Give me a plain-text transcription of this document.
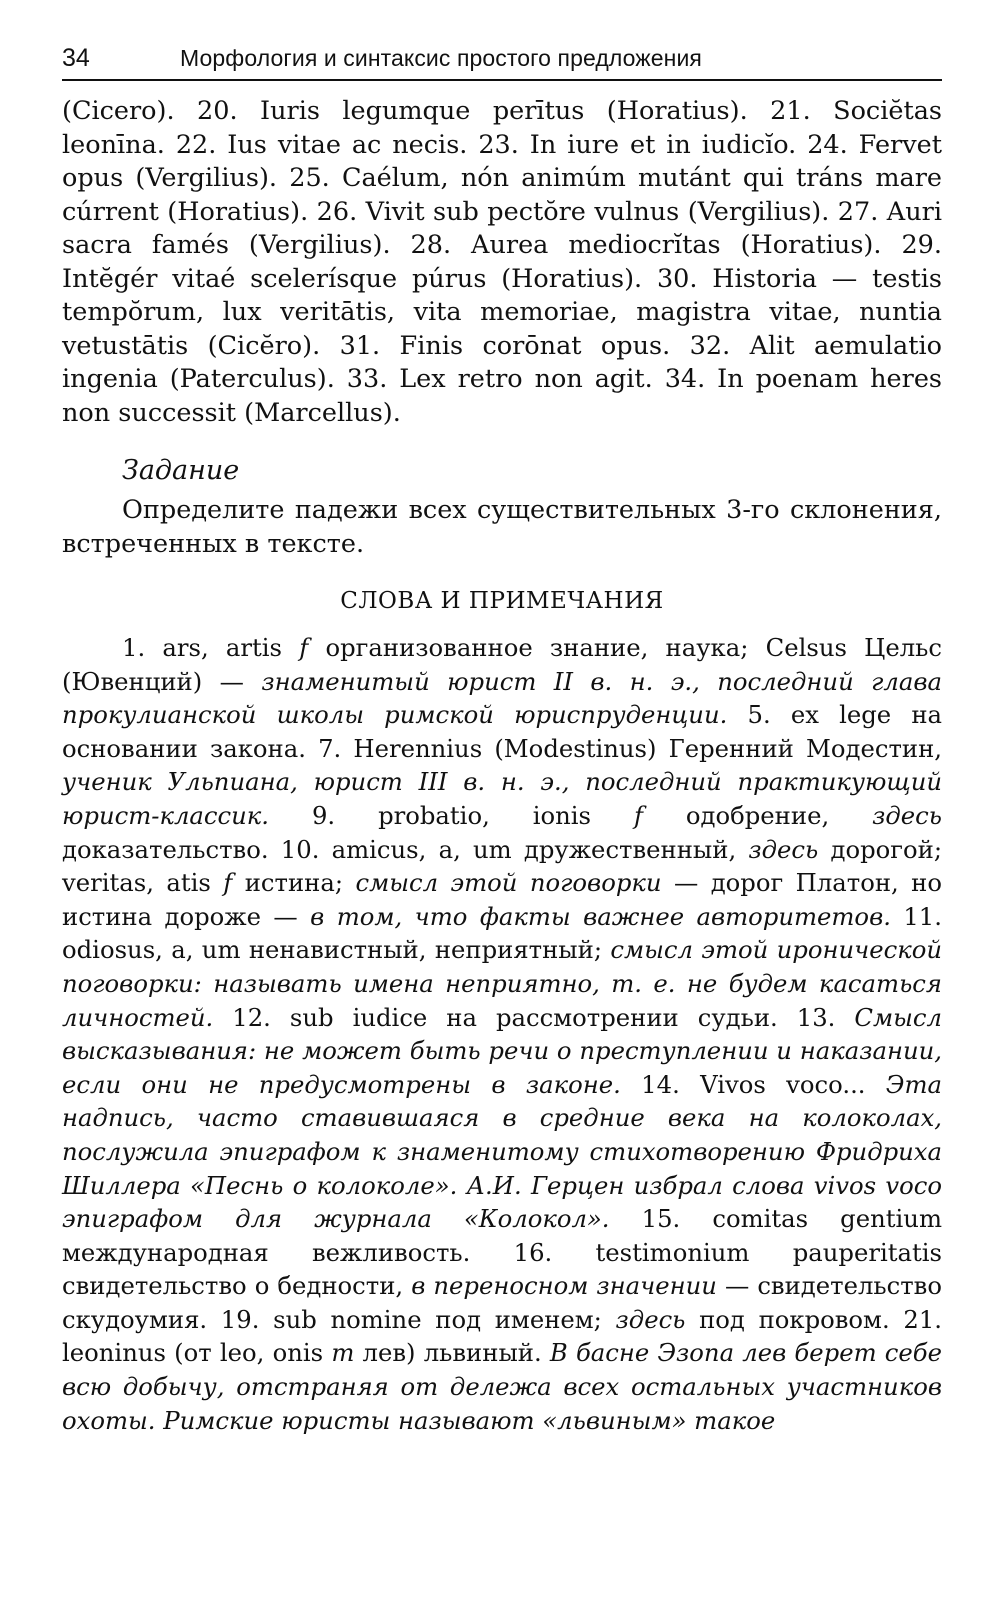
34	Морфология и синтаксис простого предложения

(Cicero). 20. Iuris legumque perītus (Horatius). 21. Sociĕtas leonīna. 22. Ius vitae ac necis. 23. In iure et in iudicĭo. 24. Fervet opus (Vergilius). 25. Caélum, nón animúm mutánt qui tráns mare cúrrent (Horatius). 26. Vivit sub pectŏre vulnus (Vergilius). 27. Auri sacra famés (Vergilius). 28. Aurea mediocrĭtas (Horatius). 29. Intĕgér vitaé scelerísque púrus (Horatius). 30. Historia — testis tempŏrum, lux veritātis, vita memoriae, magistra vitae, nuntia vetustātis (Cicĕro). 31. Finis corōnat opus. 32. Alit aemulatio ingenia (Paterculus). 33. Lex retro non agit. 34. In poenam heres non successit (Marcellus).

Задание

Определите падежи всех существительных 3-го склонения, встреченных в тексте.

СЛОВА И ПРИМЕЧАНИЯ

1. ars, artis f организованное знание, наука; Celsus Цельс (Ювенций) — знаменитый юрист II в. н. э., последний глава прокулианской школы римской юриспруденции. 5. ex lege на основании закона. 7. Herennius (Modestinus) Геренний Модестин, ученик Ульпиана, юрист III в. н. э., последний практикующий юрист-классик. 9. probatio, ionis f одобрение, здесь доказательство. 10. amicus, a, um дружественный, здесь дорогой; veritas, atis f истина; смысл этой поговорки — дорог Платон, но истина дороже — в том, что факты важнее авторитетов. 11. odiosus, a, um ненавистный, неприятный; смысл этой иронической поговорки: называть имена неприятно, т. е. не будем касаться личностей. 12. sub iudice на рассмотрении судьи. 13. Смысл высказывания: не может быть речи о преступлении и наказании, если они не предусмотрены в законе. 14. Vivos voco... Эта надпись, часто ставившаяся в средние века на колоколах, послужила эпиграфом к знаменитому стихотворению Фридриха Шиллера «Песнь о колоколе». А.И. Герцен избрал слова vivos voco эпиграфом для журнала «Колокол». 15. comitas gentium международная вежливость. 16. testimonium pauperitatis свидетельство о бедности, в переносном значении — свидетельство скудоумия. 19. sub nomine под именем; здесь под покровом. 21. leoninus (от leo, onis m лев) львиный. В басне Эзопа лев берет себе всю добычу, отстраняя от дележа всех остальных участников охоты. Римские юристы называют «львиным» такое
